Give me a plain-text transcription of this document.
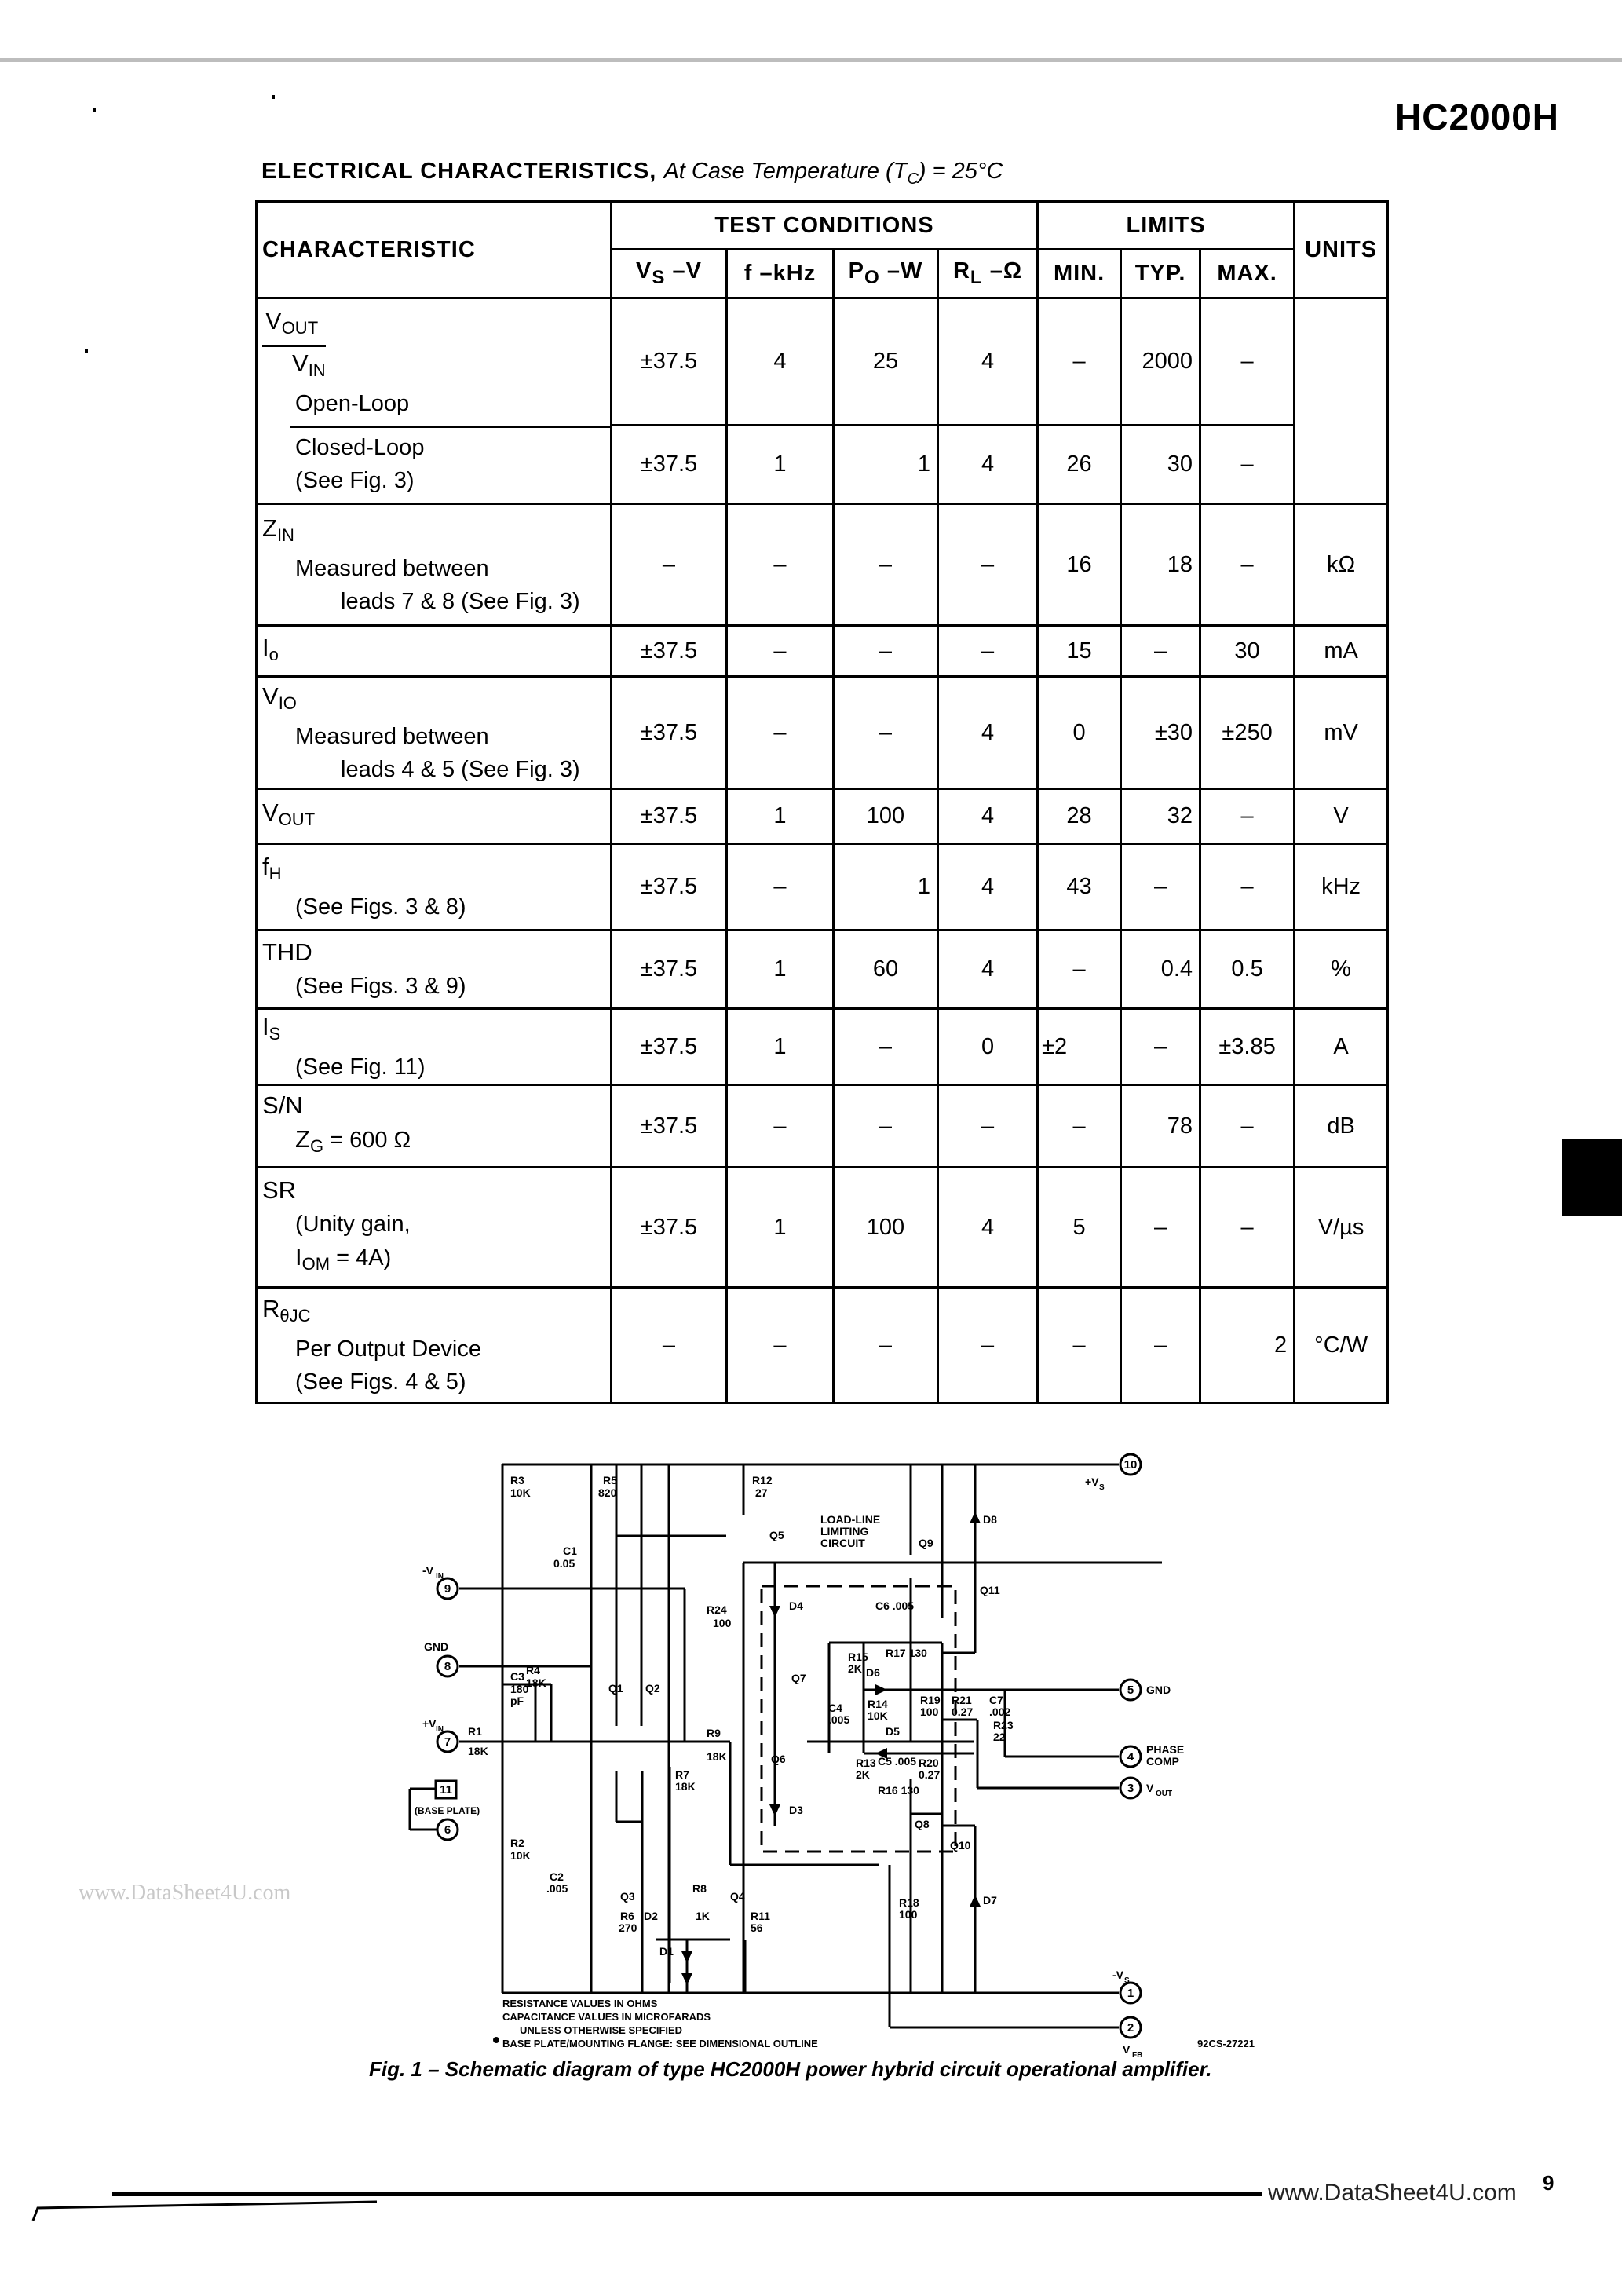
HC2000H
ELECTRICAL CHARACTERISTICS, At Case Temperature $(T_C) = 25^\circ C$
CHARACTERISTIC	TEST CONDITIONS				LIMITS			UNITS
	$V_S$ –V	f –kHz	$P_O$ –W	$R_L$ –Ω	MIN.	TYP.	MAX.	

$\frac{V_{OUT}}{V_{IN}}$
Open-Loop	±37.5	4	25	4	–	2000	–	

Closed-Loop
(See Fig. 3)	±37.5	1	1	4	26	30	–	
$Z_{IN}$
Measured between
leads 7 & 8 (See Fig. 3)	–	–	–	–	16	18	–	kΩ
$I_o$	±37.5	–	–	–	15	–	30	mA
$V_{IO}$
Measured between
leads 4 & 5 (See Fig. 3)	±37.5	–	–	4	0	±30	±250	mV
$V_{OUT}$	±37.5	1	100	4	28	32	–	V
$f_H$
(See Figs. 3 & 8)	±37.5	–	1	4	43	–	–	kHz
THD
(See Figs. 3 & 9)	±37.5	1	60	4	–	0.4	0.5	%
$I_S$
(See Fig. 11)	±37.5	1	–	0	±2	–	±3.85	A
S/N
$Z_G = 600$ Ω	±37.5	–	–	–	–	78	–	dB
SR
(Unity gain,
$I_{OM} = 4A$)	±37.5	1	100	4	5	–	–	V/µs
$R_{\theta JC}$
Per Output Device
(See Figs. 4 & 5)	–	–	–	–	–	–	2	°C/W
10
9
8
7
11
6
5
4
3
1
2
+V S
-V IN
GND
+V IN
(BASE PLATE)
GND
PHASE
COMP
V OUT
-V S
V FB
R3
10K
R5
820
C1
0.05
R12
27
Q5
LOAD-LINE
LIMITING
CIRCUIT	Q9
Q11
D8
R24
100
D4	C6 .005
R17 130
R15
2K D6
Q7
C4
.005
R14
10K
D5
R13
2K
C5 .005
R16 130
Q6
D3
R19
100
R21
0.27
C7
.002
R23
22
R20
0.27
Q8
Q10
D7
R18
100
C3
180
pF
R4
18K
R1
18K
Q1 Q2
R9
18K
R7
18K
R2
10K
C2
.005
Q3
R8
1K
Q4
D2
D1
R6
270
R11
56
RESISTANCE VALUES IN OHMS
CAPACITANCE VALUES IN MICROFARADS
UNLESS OTHERWISE SPECIFIED
BASE PLATE/MOUNTING FLANGE: SEE DIMENSIONAL OUTLINE	92CS-27221
Fig. 1 – Schematic diagram of type HC2000H power hybrid circuit operational amplifier.
www.DataSheet4U.com
www.DataSheet4U.com 9
